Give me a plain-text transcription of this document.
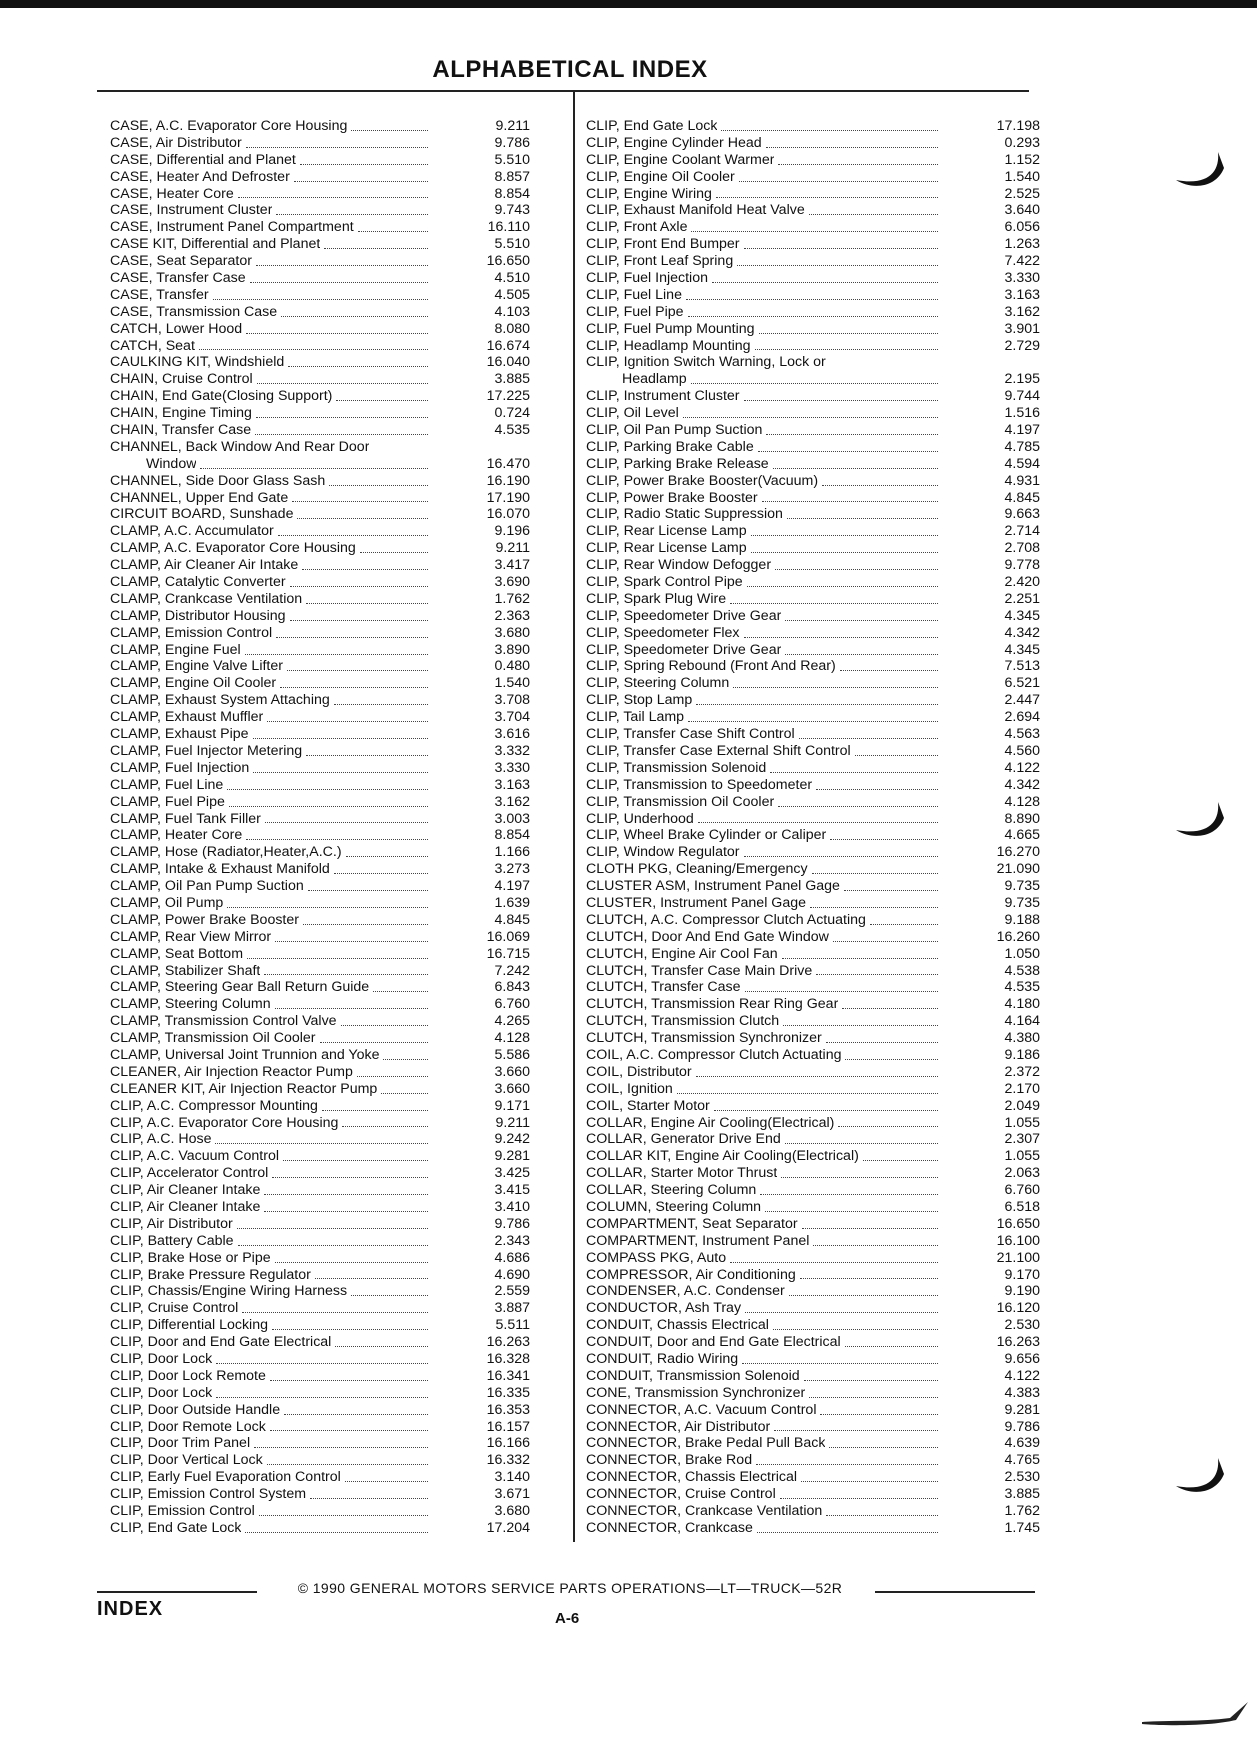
ALPHABETICAL INDEX
CASE, A.C. Evaporator Core Housing	9.211
CASE, Air Distributor	9.786
CASE, Differential and Planet	5.510
CASE, Heater And Defroster	8.857
CASE, Heater Core	8.854
CASE, Instrument Cluster	9.743
CASE, Instrument Panel Compartment	16.110
CASE KIT, Differential and Planet	5.510
CASE, Seat Separator	16.650
CASE, Transfer Case	4.510
CASE, Transfer	4.505
CASE, Transmission Case	4.103
CATCH, Lower Hood	8.080
CATCH, Seat	16.674
CAULKING KIT, Windshield	16.040
CHAIN, Cruise Control	3.885
CHAIN, End Gate(Closing Support)	17.225
CHAIN, Engine Timing	0.724
CHAIN, Transfer Case	4.535
CHANNEL, Back Window And Rear Door
Window	16.470
CHANNEL, Side Door Glass Sash	16.190
CHANNEL, Upper End Gate	17.190
CIRCUIT BOARD, Sunshade	16.070
CLAMP, A.C. Accumulator	9.196
CLAMP, A.C. Evaporator Core Housing	9.211
CLAMP, Air Cleaner Air Intake	3.417
CLAMP, Catalytic Converter	3.690
CLAMP, Crankcase Ventilation	1.762
CLAMP, Distributor Housing	2.363
CLAMP, Emission Control	3.680
CLAMP, Engine Fuel	3.890
CLAMP, Engine Valve Lifter	0.480
CLAMP, Engine Oil Cooler	1.540
CLAMP, Exhaust System Attaching	3.708
CLAMP, Exhaust Muffler	3.704
CLAMP, Exhaust Pipe	3.616
CLAMP, Fuel Injector Metering	3.332
CLAMP, Fuel Injection	3.330
CLAMP, Fuel Line	3.163
CLAMP, Fuel Pipe	3.162
CLAMP, Fuel Tank Filler	3.003
CLAMP, Heater Core	8.854
CLAMP, Hose (Radiator,Heater,A.C.)	1.166
CLAMP, Intake & Exhaust Manifold	3.273
CLAMP, Oil Pan Pump Suction	4.197
CLAMP, Oil Pump	1.639
CLAMP, Power Brake Booster	4.845
CLAMP, Rear View Mirror	16.069
CLAMP, Seat Bottom	16.715
CLAMP, Stabilizer Shaft	7.242
CLAMP, Steering Gear Ball Return Guide	6.843
CLAMP, Steering Column	6.760
CLAMP, Transmission Control Valve	4.265
CLAMP, Transmission Oil Cooler	4.128
CLAMP, Universal Joint Trunnion and Yoke	5.586
CLEANER, Air Injection Reactor Pump	3.660
CLEANER KIT, Air Injection Reactor Pump	3.660
CLIP, A.C. Compressor Mounting	9.171
CLIP, A.C. Evaporator Core Housing	9.211
CLIP, A.C. Hose	9.242
CLIP, A.C. Vacuum Control	9.281
CLIP, Accelerator Control	3.425
CLIP, Air Cleaner Intake	3.415
CLIP, Air Cleaner Intake	3.410
CLIP, Air Distributor	9.786
CLIP, Battery Cable	2.343
CLIP, Brake Hose or Pipe	4.686
CLIP, Brake Pressure Regulator	4.690
CLIP, Chassis/Engine Wiring Harness	2.559
CLIP, Cruise Control	3.887
CLIP, Differential Locking	5.511
CLIP, Door and End Gate Electrical	16.263
CLIP, Door Lock	16.328
CLIP, Door Lock Remote	16.341
CLIP, Door Lock	16.335
CLIP, Door Outside Handle	16.353
CLIP, Door Remote Lock	16.157
CLIP, Door Trim Panel	16.166
CLIP, Door Vertical Lock	16.332
CLIP, Early Fuel Evaporation Control	3.140
CLIP, Emission Control System	3.671
CLIP, Emission Control	3.680
CLIP, End Gate Lock	17.204
CLIP, End Gate Lock	17.198
CLIP, Engine Cylinder Head	0.293
CLIP, Engine Coolant Warmer	1.152
CLIP, Engine Oil Cooler	1.540
CLIP, Engine Wiring	2.525
CLIP, Exhaust Manifold Heat Valve	3.640
CLIP, Front Axle	6.056
CLIP, Front End Bumper	1.263
CLIP, Front Leaf Spring	7.422
CLIP, Fuel Injection	3.330
CLIP, Fuel Line	3.163
CLIP, Fuel Pipe	3.162
CLIP, Fuel Pump Mounting	3.901
CLIP, Headlamp Mounting	2.729
CLIP, Ignition Switch Warning, Lock or
Headlamp	2.195
CLIP, Instrument Cluster	9.744
CLIP, Oil Level	1.516
CLIP, Oil Pan Pump Suction	4.197
CLIP, Parking Brake Cable	4.785
CLIP, Parking Brake Release	4.594
CLIP, Power Brake Booster(Vacuum)	4.931
CLIP, Power Brake Booster	4.845
CLIP, Radio Static Suppression	9.663
CLIP, Rear License Lamp	2.714
CLIP, Rear License Lamp	2.708
CLIP, Rear Window Defogger	9.778
CLIP, Spark Control Pipe	2.420
CLIP, Spark Plug Wire	2.251
CLIP, Speedometer Drive Gear	4.345
CLIP, Speedometer Flex	4.342
CLIP, Speedometer Drive Gear	4.345
CLIP, Spring Rebound (Front And Rear)	7.513
CLIP, Steering Column	6.521
CLIP, Stop Lamp	2.447
CLIP, Tail Lamp	2.694
CLIP, Transfer Case Shift Control	4.563
CLIP, Transfer Case External Shift Control	4.560
CLIP, Transmission Solenoid	4.122
CLIP, Transmission to Speedometer	4.342
CLIP, Transmission Oil Cooler	4.128
CLIP, Underhood	8.890
CLIP, Wheel Brake Cylinder or Caliper	4.665
CLIP, Window Regulator	16.270
CLOTH PKG, Cleaning/Emergency	21.090
CLUSTER ASM, Instrument Panel Gage	9.735
CLUSTER, Instrument Panel Gage	9.735
CLUTCH, A.C. Compressor Clutch Actuating	9.188
CLUTCH, Door And End Gate Window	16.260
CLUTCH, Engine Air Cool Fan	1.050
CLUTCH, Transfer Case Main Drive	4.538
CLUTCH, Transfer Case	4.535
CLUTCH, Transmission Rear Ring Gear	4.180
CLUTCH, Transmission Clutch	4.164
CLUTCH, Transmission Synchronizer	4.380
COIL, A.C. Compressor Clutch Actuating	9.186
COIL, Distributor	2.372
COIL, Ignition	2.170
COIL, Starter Motor	2.049
COLLAR, Engine Air Cooling(Electrical)	1.055
COLLAR, Generator Drive End	2.307
COLLAR KIT, Engine Air Cooling(Electrical)	1.055
COLLAR, Starter Motor Thrust	2.063
COLLAR, Steering Column	6.760
COLUMN, Steering Column	6.518
COMPARTMENT, Seat Separator	16.650
COMPARTMENT, Instrument Panel	16.100
COMPASS PKG, Auto	21.100
COMPRESSOR, Air Conditioning	9.170
CONDENSER, A.C. Condenser	9.190
CONDUCTOR, Ash Tray	16.120
CONDUIT, Chassis Electrical	2.530
CONDUIT, Door and End Gate Electrical	16.263
CONDUIT, Radio Wiring	9.656
CONDUIT, Transmission Solenoid	4.122
CONE, Transmission Synchronizer	4.383
CONNECTOR, A.C. Vacuum Control	9.281
CONNECTOR, Air Distributor	9.786
CONNECTOR, Brake Pedal Pull Back	4.639
CONNECTOR, Brake Rod	4.765
CONNECTOR, Chassis Electrical	2.530
CONNECTOR, Cruise Control	3.885
CONNECTOR, Crankcase Ventilation	1.762
CONNECTOR, Crankcase	1.745
© 1990 GENERAL MOTORS SERVICE PARTS OPERATIONS—LT—TRUCK—52R
INDEX	A-6
